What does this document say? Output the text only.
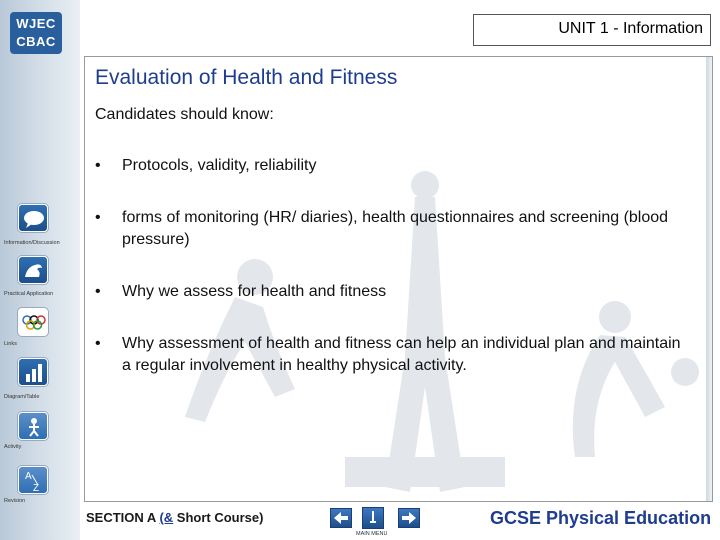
WJEC
CBAC
Information/Discussion
Practical Application
Links
Diagram/Table
Activity
A
Z
Revision
UNIT 1 - Information
Evaluation of Health and Fitness
Candidates should know:
• Protocols, validity, reliability
• forms of monitoring (HR/ diaries), health questionnaires and screening (blood pressure)
• Why we assess for health and fitness
• Why assessment of health and fitness can help an individual plan and maintain a regular involvement in healthy physical activity.
SECTION A (& Short Course)
MAIN MENU
GCSE Physical Education
